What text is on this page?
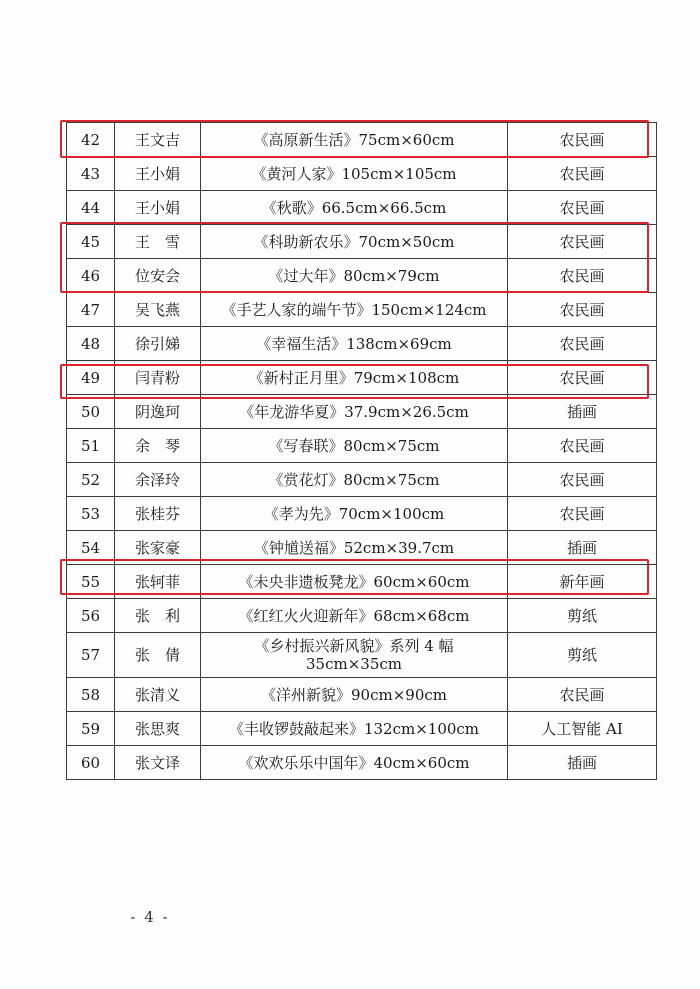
42	王文吉	《高原新生活》75cm×60cm	农民画
43	王小娟	《黄河人家》105cm×105cm	农民画
44	王小娟	《秋歌》66.5cm×66.5cm	农民画
45	王　雪	《科助新农乐》70cm×50cm	农民画
46	位安会	《过大年》80cm×79cm	农民画
47	吴飞燕	《手艺人家的端午节》150cm×124cm	农民画
48	徐引娣	《幸福生活》138cm×69cm	农民画
49	闫青粉	《新村正月里》79cm×108cm	农民画
50	阴逸珂	《年龙游华夏》37.9cm×26.5cm	插画
51	余　琴	《写春联》80cm×75cm	农民画
52	余泽玲	《赏花灯》80cm×75cm	农民画
53	张桂芬	《孝为先》70cm×100cm	农民画
54	张家豪	《钟馗送福》52cm×39.7cm	插画
55	张轲菲	《未央非遗板凳龙》60cm×60cm	新年画
56	张　利	《红红火火迎新年》68cm×68cm	剪纸
57	张　倩	《乡村振兴新风貌》系列 4 幅
35cm×35cm	剪纸
58	张清义	《洋州新貌》90cm×90cm	农民画
59	张思爽	《丰收锣鼓敲起来》132cm×100cm	人工智能 AI
60	张文译	《欢欢乐乐中国年》40cm×60cm	插画
- 4 -
